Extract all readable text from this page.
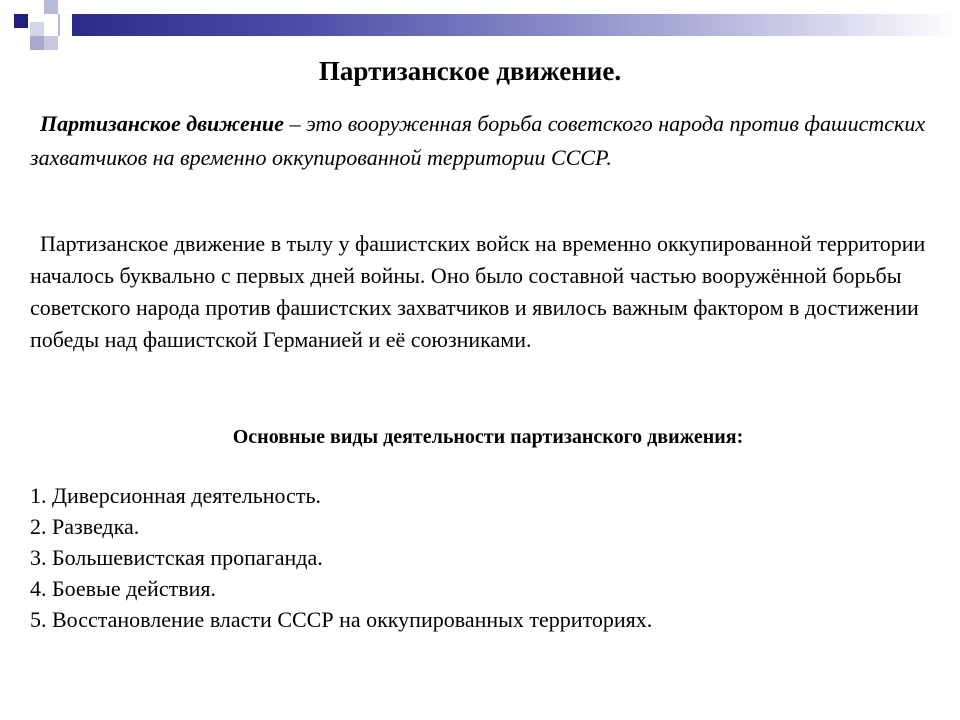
Партизанское движение.

Партизанское движение – это вооруженная борьба советского народа против фашистских захватчиков на временно оккупированной территории СССР.

Партизанское движение в тылу у фашистских войск на временно оккупированной территории началось буквально с первых дней войны. Оно было составной частью вооружённой борьбы советского народа против фашистских захватчиков и явилось важным фактором в достижении победы над фашистской Германией и её союзниками.

Основные виды деятельности партизанского движения:
1. Диверсионная деятельность.
2. Разведка.
3. Большевистская пропаганда.
4. Боевые действия.
5. Восстановление власти СССР на оккупированных территориях.
